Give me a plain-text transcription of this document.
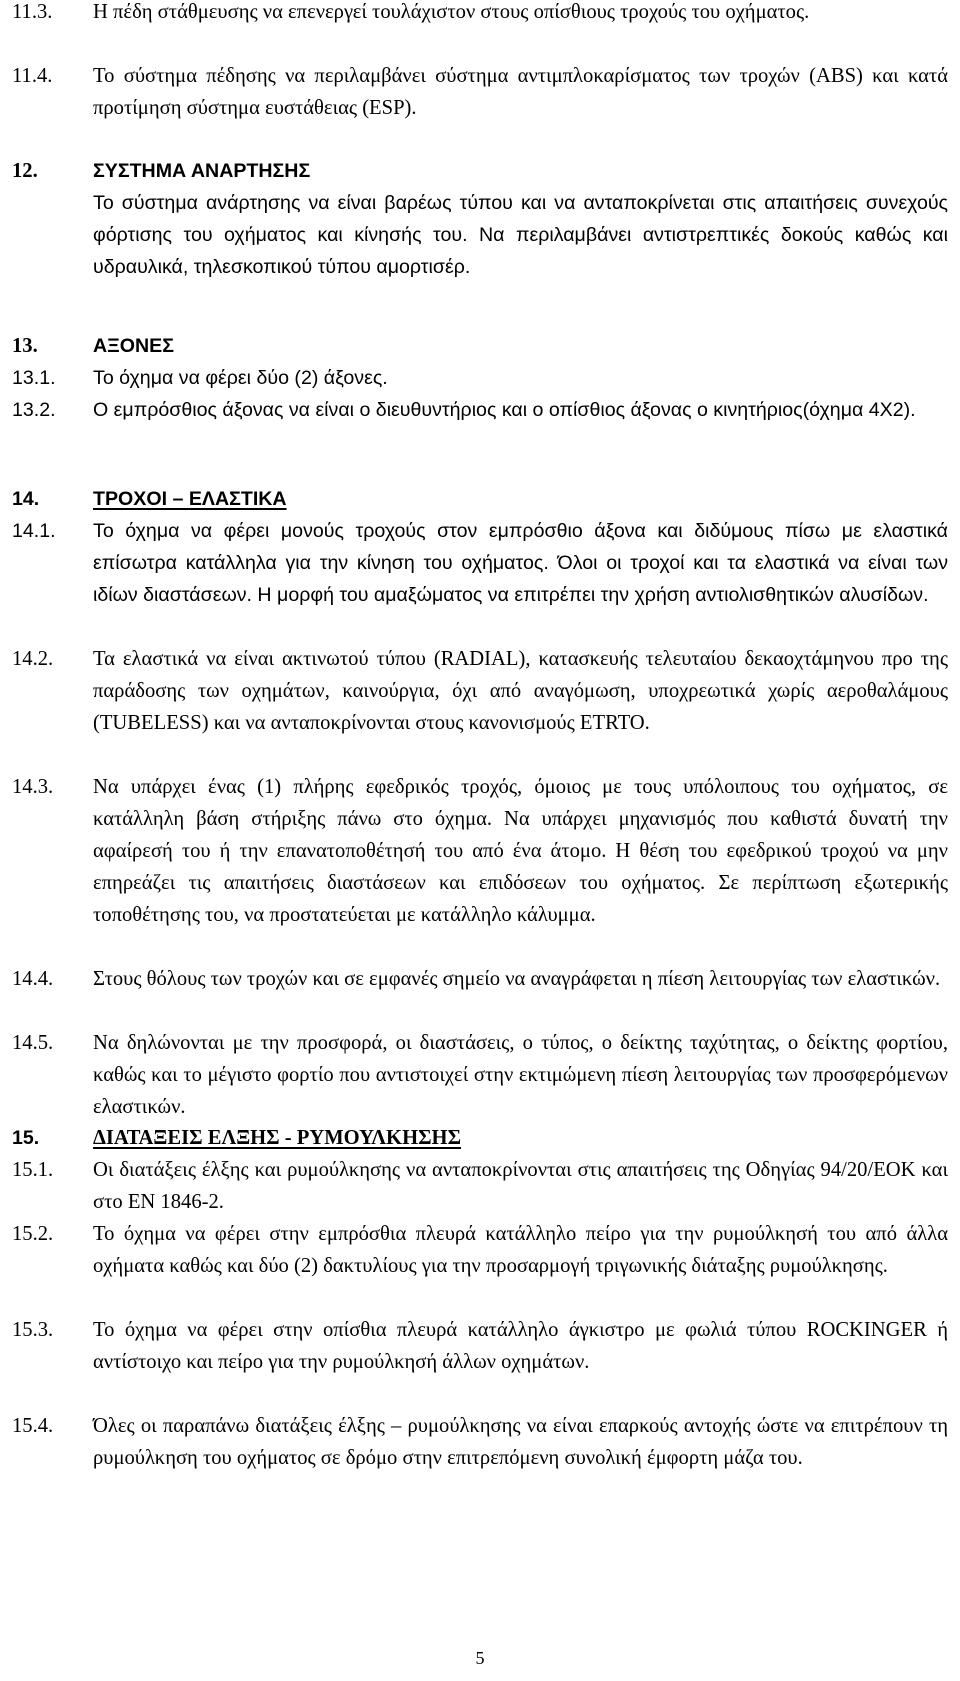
11.3.	Η πέδη στάθμευσης να επενεργεί τουλάχιστον στους οπίσθιους τροχούς του οχήματος.
11.4.	Το σύστημα πέδησης να περιλαμβάνει σύστημα αντιμπλοκαρίσματος των τροχών (ABS) και κατά προτίμηση σύστημα ευστάθειας (ESP).
12.	ΣΥΣΤΗΜΑ ΑΝΑΡΤΗΣΗΣ
Το σύστημα ανάρτησης να είναι βαρέως τύπου και να ανταποκρίνεται στις απαιτήσεις συνεχούς φόρτισης του οχήματος και κίνησής του. Να περιλαμβάνει αντιστρεπτικές δοκούς καθώς και υδραυλικά, τηλεσκοπικού τύπου αμορτισέρ.
13.	ΑΞΟΝΕΣ
13.1.	Το όχημα να φέρει δύο (2) άξονες.
13.2.	Ο εμπρόσθιος άξονας να είναι ο διευθυντήριος και ο οπίσθιος άξονας ο κινητήριος(όχημα 4Χ2).
14.	ΤΡΟΧΟΙ – ΕΛΑΣΤΙΚΑ
14.1.	Το όχημα να φέρει μονούς τροχούς στον εμπρόσθιο άξονα και διδύμους πίσω με ελαστικά επίσωτρα κατάλληλα για την κίνηση του οχήματος. Όλοι οι τροχοί και τα ελαστικά να είναι των ιδίων διαστάσεων. Η μορφή του αμαξώματος να επιτρέπει την χρήση αντιολισθητικών αλυσίδων.
14.2.	Τα ελαστικά να είναι ακτινωτού τύπου (RADIAL), κατασκευής τελευταίου δεκαοχτάμηνου προ της παράδοσης των οχημάτων, καινούργια, όχι από αναγόμωση, υποχρεωτικά χωρίς αεροθαλάμους (TUBELESS) και να ανταποκρίνονται στους κανονισμούς ETRTO.
14.3.	Να υπάρχει ένας (1) πλήρης εφεδρικός τροχός, όμοιος με τους υπόλοιπους του οχήματος, σε κατάλληλη βάση στήριξης πάνω στο όχημα. Να υπάρχει μηχανισμός που καθιστά δυνατή την αφαίρεσή του ή την επανατοποθέτησή του από ένα άτομο. Η θέση του εφεδρικού τροχού να μην επηρεάζει τις απαιτήσεις διαστάσεων και επιδόσεων του οχήματος. Σε περίπτωση εξωτερικής τοποθέτησης του, να προστατεύεται με κατάλληλο κάλυμμα.
14.4.	Στους θόλους των τροχών και σε εμφανές σημείο να αναγράφεται η πίεση λειτουργίας των ελαστικών.
14.5.	Να δηλώνονται με την προσφορά, οι διαστάσεις, ο τύπος, ο δείκτης ταχύτητας, ο δείκτης φορτίου, καθώς και το μέγιστο φορτίο που αντιστοιχεί στην εκτιμώμενη πίεση λειτουργίας των προσφερόμενων ελαστικών.
15.	ΔΙΑΤΑΞΕΙΣ ΕΛΞΗΣ - ΡΥΜΟΥΛΚΗΣΗΣ
15.1.	Οι διατάξεις έλξης και ρυμούλκησης να ανταποκρίνονται στις απαιτήσεις της Οδηγίας 94/20/ΕΟΚ και στο ΕΝ 1846-2.
15.2.	Το όχημα να φέρει στην εμπρόσθια πλευρά κατάλληλο πείρο για την ρυμούλκησή του από άλλα οχήματα καθώς και δύο (2) δακτυλίους για την προσαρμογή τριγωνικής διάταξης ρυμούλκησης.
15.3.	Το όχημα να φέρει στην οπίσθια πλευρά κατάλληλο άγκιστρο με φωλιά τύπου ROCKINGER ή αντίστοιχο και πείρο για την ρυμούλκησή άλλων οχημάτων.
15.4.	Όλες οι παραπάνω διατάξεις έλξης – ρυμούλκησης να είναι επαρκούς αντοχής ώστε να επιτρέπουν τη ρυμούλκηση του οχήματος σε δρόμο στην επιτρεπόμενη συνολική έμφορτη μάζα του.
5
